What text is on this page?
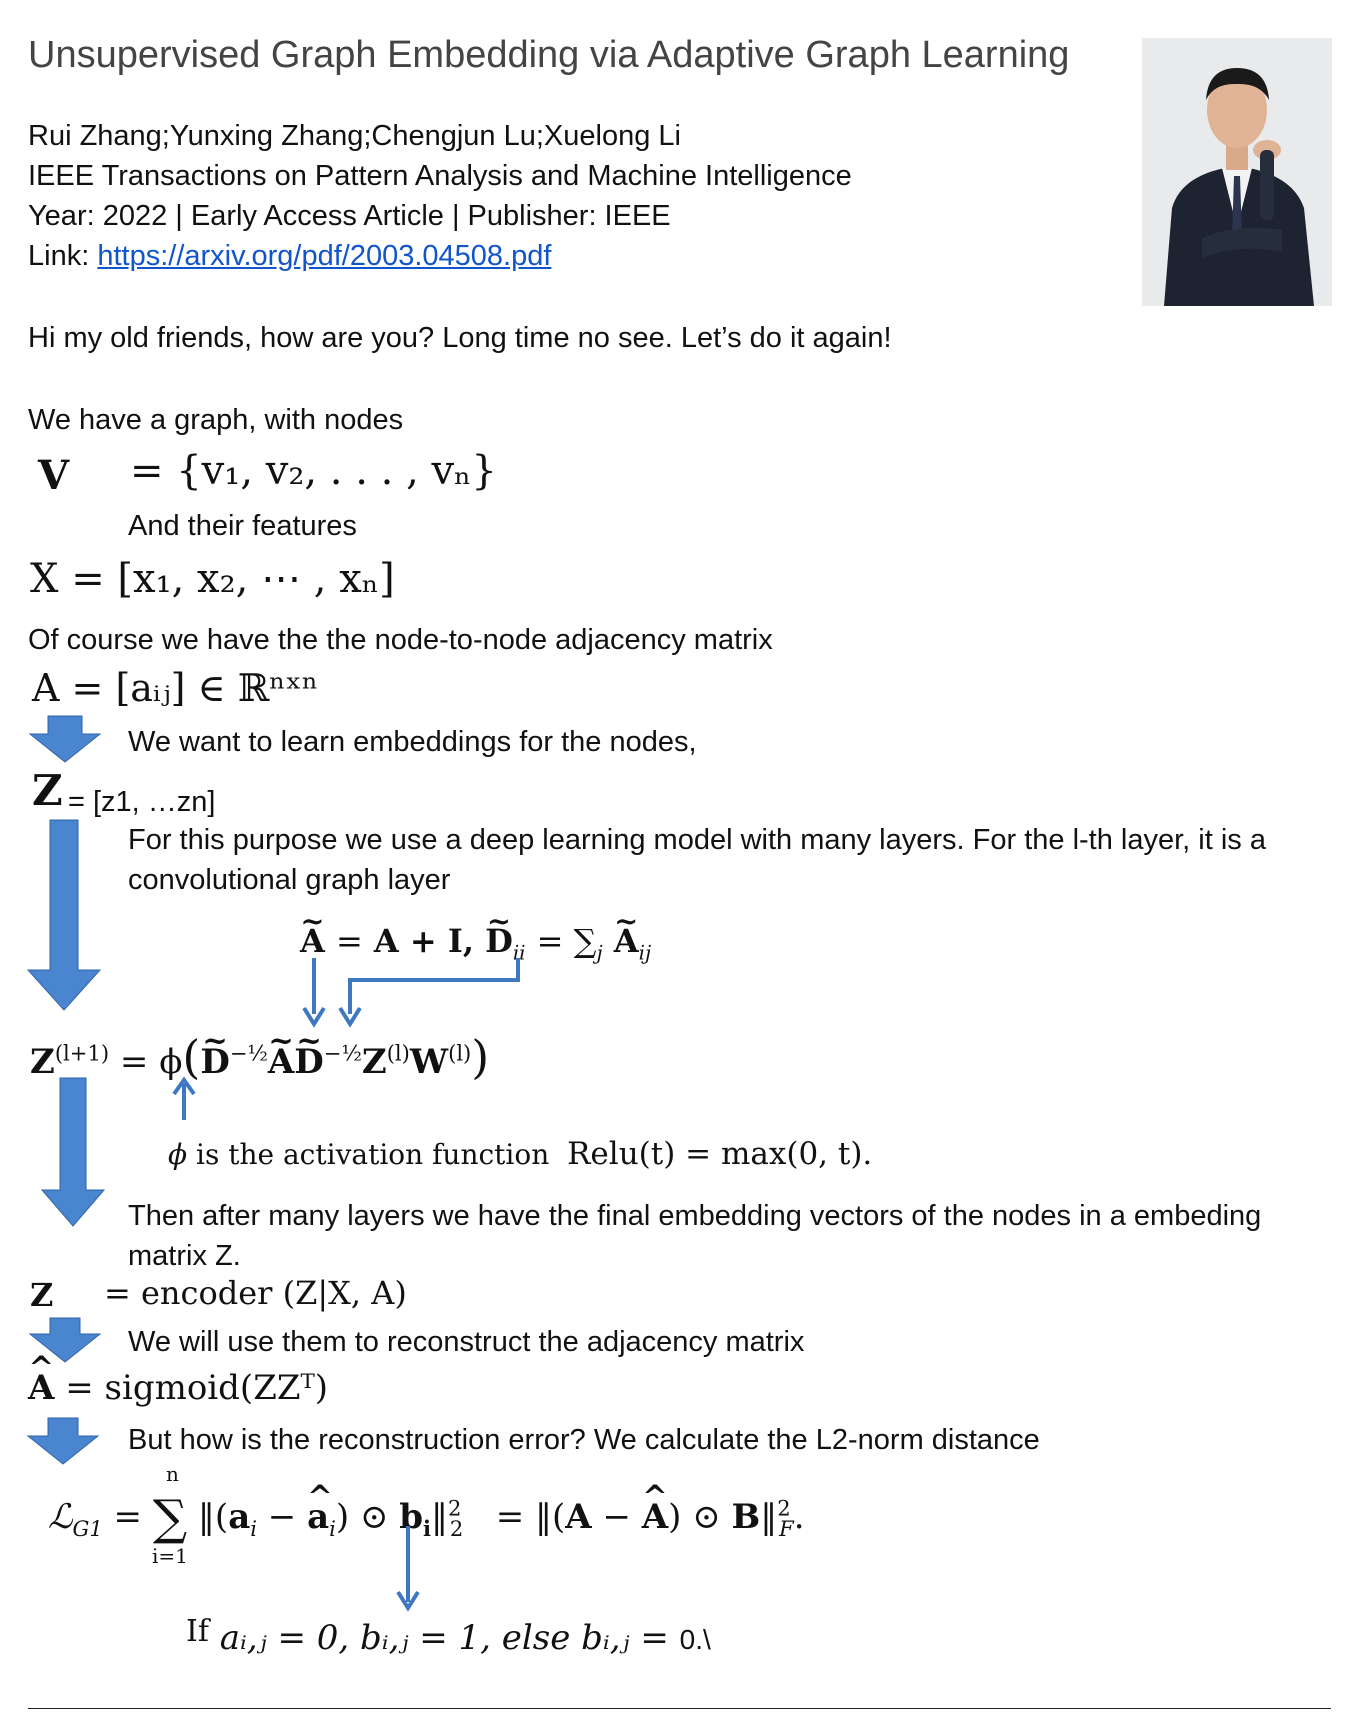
Unsupervised Graph Embedding via Adaptive Graph Learning
Rui Zhang;Yunxing Zhang;Chengjun Lu;Xuelong Li
IEEE Transactions on Pattern Analysis and Machine Intelligence
Year: 2022 | Early Access Article | Publisher: IEEE
Link: https://arxiv.org/pdf/2003.04508.pdf
Hi my old friends, how are you? Long time no see. Let’s do it again!
We have a graph, with nodes
V = {v₁, v₂, . . . , vₙ}
And their features
X = [x₁, x₂, ⋯ , xₙ]
Of course we have the the node-to-node adjacency matrix
A = [aᵢⱼ] ∈ ℝⁿˣⁿ
We want to learn embeddings for the nodes,
Z = [z1, …zn]
For this purpose we use a deep learning model with many layers. For the l-th layer, it is a convolutional graph layer
~ A = A + I, ~ $D_{ii} = \sum_j$ ~ $A_{ij}$
$Z^{(l+1)}$ = ϕ(~ $D^{-\frac{1}{2}}\sim$ A~ $D^{-\frac{1}{2}}Z^{(l)}W^{(l)}$)
ϕ is the activation function Relu(t) = max(0, t).
Then after many layers we have the final embedding vectors of the nodes in a embeding matrix Z.
Z = encoder (Z|X, A)
We will use them to reconstruct the adjacency matrix
^ A = sigmoid(ZZᵀ)
But how is the reconstruction error? We calculate the L2-norm distance
n
ℒ$_{G1}$ = ∑ $‖(a_i$ − ^ $a_i$) ⊙ $b_i‖^2_2$   = ‖(A − ^ A) ⊙ B‖$^2_F$.
i=1
If aᵢ,ⱼ = 0, bᵢ,ⱼ = 1, else bᵢ,ⱼ = 0.\
